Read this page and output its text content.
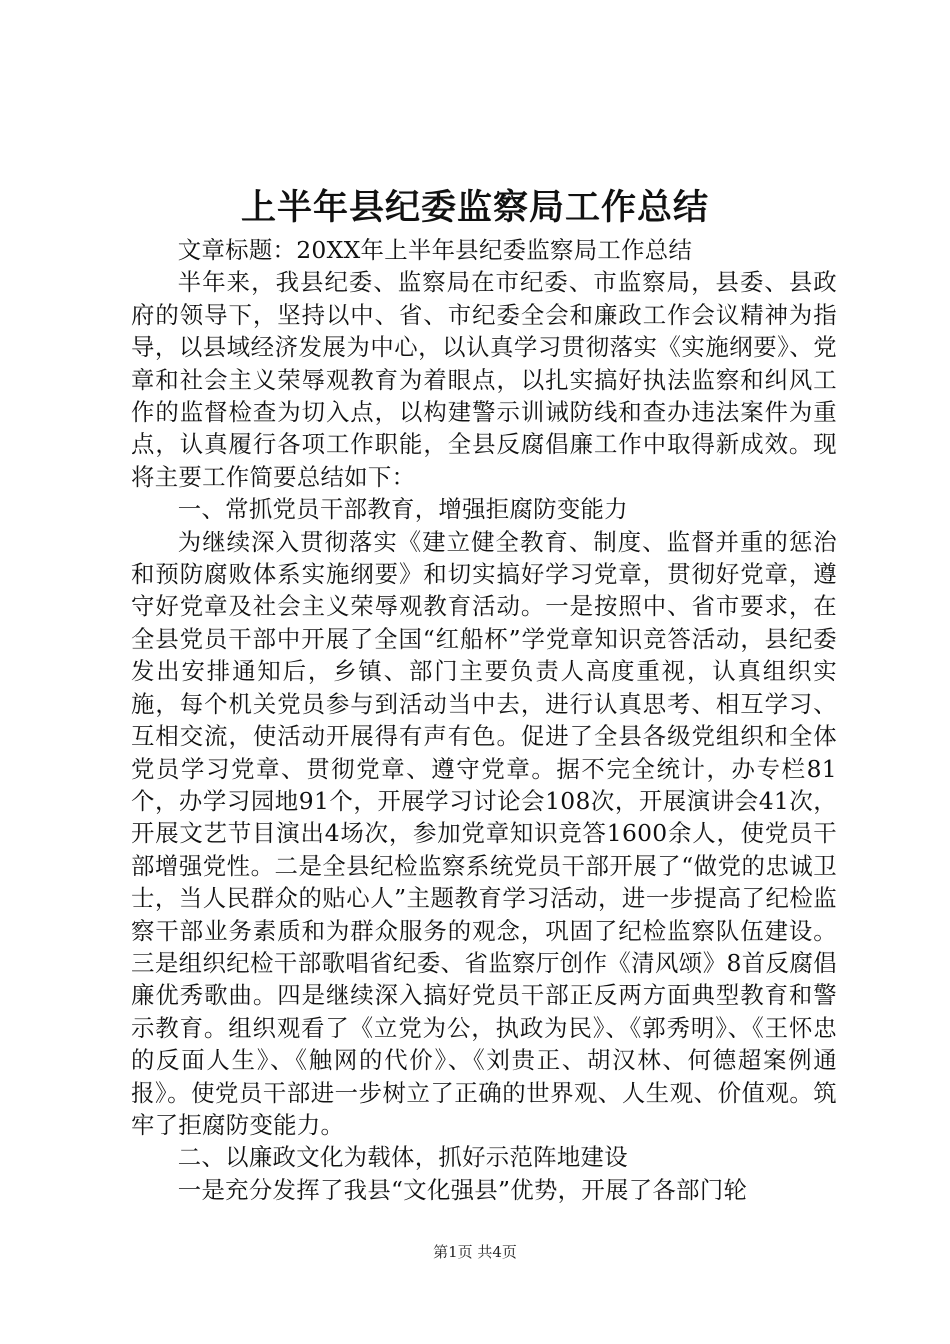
上半年县纪委监察局工作总结

文章标题：20XX年上半年县纪委监察局工作总结

半年来，我县纪委、监察局在市纪委、市监察局，县委、县政府的领导下，坚持以中、省、市纪委全会和廉政工作会议精神为指导，以县域经济发展为中心，以认真学习贯彻落实《实施纲要》、党章和社会主义荣辱观教育为着眼点，以扎实搞好执法监察和纠风工作的监督检查为切入点，以构建警示训诫防线和查办违法案件为重点，认真履行各项工作职能，全县反腐倡廉工作中取得新成效。现将主要工作简要总结如下：

一、常抓党员干部教育，增强拒腐防变能力

为继续深入贯彻落实《建立健全教育、制度、监督并重的惩治和预防腐败体系实施纲要》和切实搞好学习党章，贯彻好党章，遵守好党章及社会主义荣辱观教育活动。一是按照中、省市要求，在全县党员干部中开展了全国“红船杯”学党章知识竞答活动，县纪委发出安排通知后，乡镇、部门主要负责人高度重视，认真组织实施，每个机关党员参与到活动当中去，进行认真思考、相互学习、互相交流，使活动开展得有声有色。促进了全县各级党组织和全体党员学习党章、贯彻党章、遵守党章。据不完全统计，办专栏81个，办学习园地91个，开展学习讨论会108次，开展演讲会41次，开展文艺节目演出4场次，参加党章知识竞答1600余人，使党员干部增强党性。二是全县纪检监察系统党员干部开展了“做党的忠诚卫士，当人民群众的贴心人”主题教育学习活动，进一步提高了纪检监察干部业务素质和为群众服务的观念，巩固了纪检监察队伍建设。三是组织纪检干部歌唱省纪委、省监察厅创作《清风颂》8首反腐倡廉优秀歌曲。四是继续深入搞好党员干部正反两方面典型教育和警示教育。组织观看了《立党为公，执政为民》、《郭秀明》、《王怀忠的反面人生》、《触网的代价》、《刘贵正、胡汉林、何德超案例通报》。使党员干部进一步树立了正确的世界观、人生观、价值观。筑牢了拒腐防变能力。

二、以廉政文化为载体，抓好示范阵地建设

一是充分发挥了我县“文化强县”优势，开展了各部门轮

第1页 共4页
